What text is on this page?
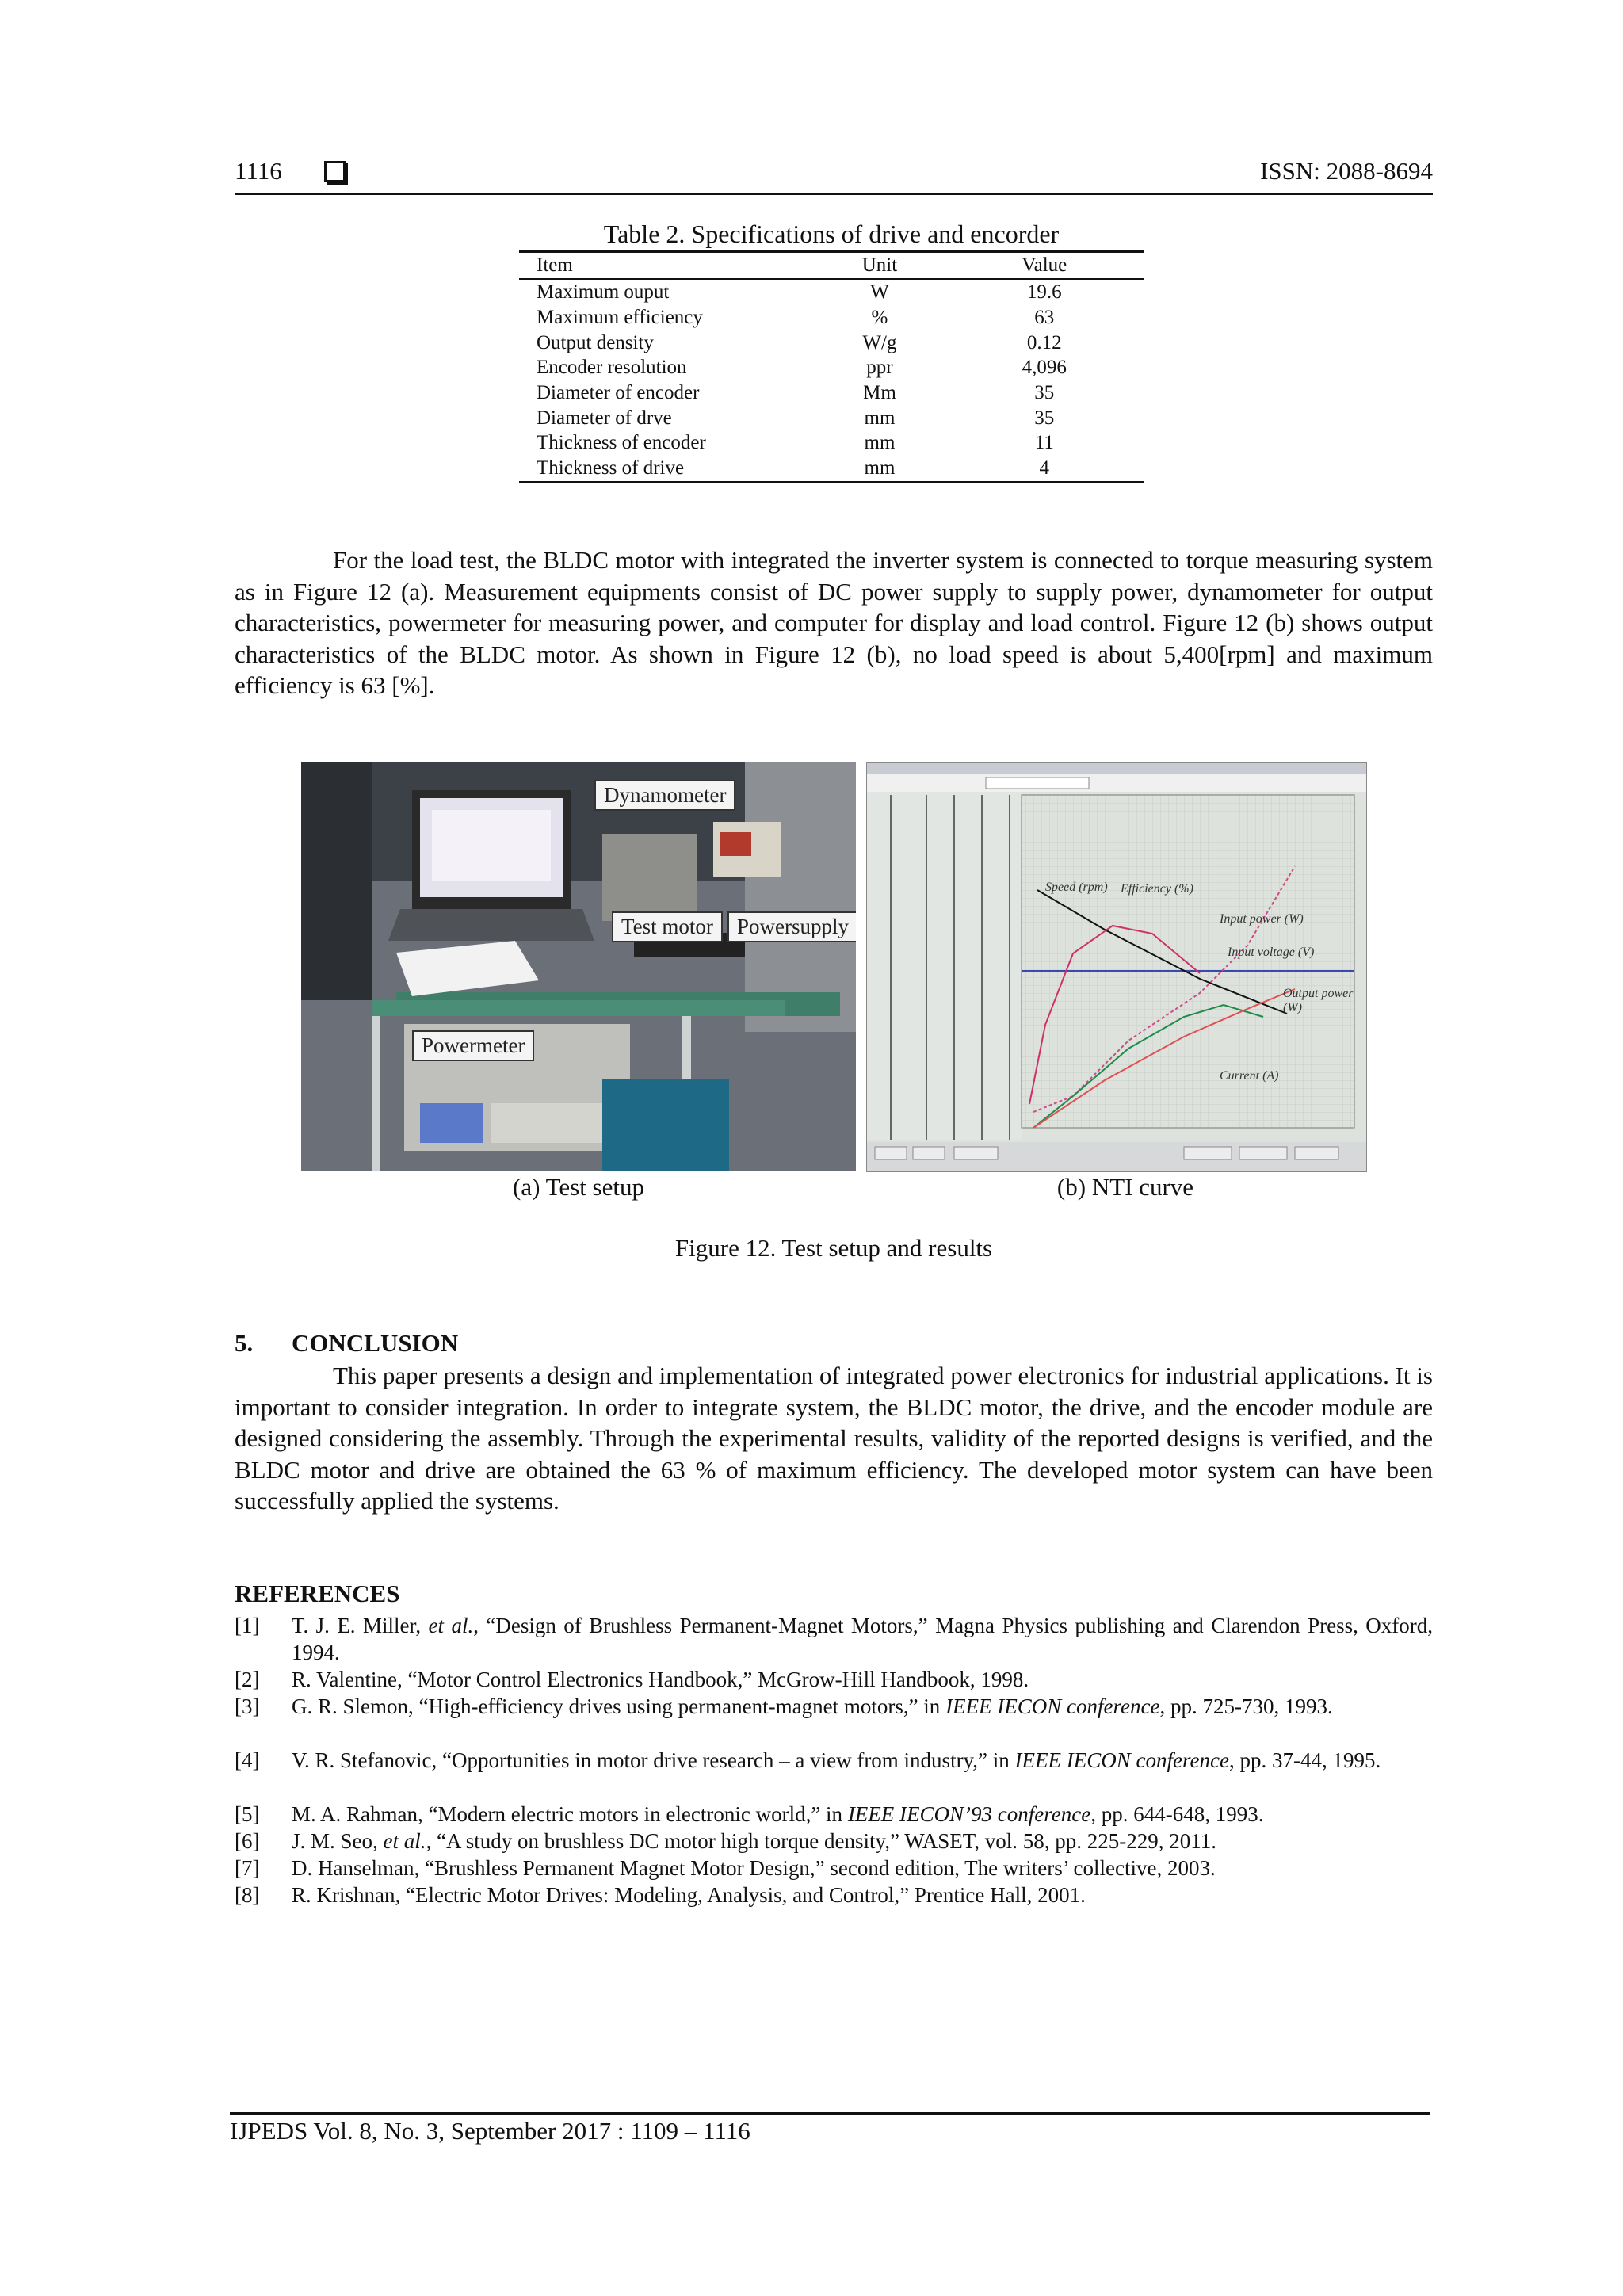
1116	ISSN: 2088-8694
Table 2. Specifications of drive and encorder
Item	Unit	Value
Maximum ouput	W	19.6
Maximum efficiency	%	63
Output density	W/g	0.12
Encoder resolution	ppr	4,096
Diameter of encoder	Mm	35
Diameter of drve	mm	35
Thickness of encoder	mm	11
Thickness of drive	mm	4
For the load test, the BLDC motor with integrated the inverter system is connected to torque measuring system as in Figure 12 (a). Measurement equipments consist of DC power supply to supply power, dynamometer for output characteristics, powermeter for measuring power, and computer for display and load control. Figure 12 (b) shows output characteristics of the BLDC motor. As shown in Figure 12 (b), no load speed is about 5,400[rpm] and maximum efficiency is 63 [%].
Dynamometer
Test motor	Powersupply
Powermeter
Speed (rpm) Efficiency (%)
Input power (W)
Input voltage (V)
Output power
(W)
Current (A)
(a) Test setup	(b) NTI curve
Figure 12. Test setup and results
5. CONCLUSION
This paper presents a design and implementation of integrated power electronics for industrial applications. It is important to consider integration. In order to integrate system, the BLDC motor, the drive, and the encoder module are designed considering the assembly. Through the experimental results, validity of the reported designs is verified, and the BLDC motor and drive are obtained the 63 % of maximum efficiency. The developed motor system can have been successfully applied the systems.
REFERENCES
[1]	T. J. E. Miller, et al., “Design of Brushless Permanent-Magnet Motors,” Magna Physics publishing and Clarendon Press, Oxford, 1994.
[2]	R. Valentine, “Motor Control Electronics Handbook,” McGrow-Hill Handbook, 1998.
[3]	G. R. Slemon, “High-efficiency drives using permanent-magnet motors,” in IEEE IECON conference, pp. 725-730, 1993.
[4]	V. R. Stefanovic, “Opportunities in motor drive research – a view from industry,” in IEEE IECON conference, pp. 37-44, 1995.
[5]	M. A. Rahman, “Modern electric motors in electronic world,” in IEEE IECON’93 conference, pp. 644-648, 1993.
[6]	J. M. Seo, et al., “A study on brushless DC motor high torque density,” WASET, vol. 58, pp. 225-229, 2011.
[7]	D. Hanselman, “Brushless Permanent Magnet Motor Design,” second edition, The writers’ collective, 2003.
[8]	R. Krishnan, “Electric Motor Drives: Modeling, Analysis, and Control,” Prentice Hall, 2001.
IJPEDS Vol. 8, No. 3, September 2017 : 1109 – 1116
